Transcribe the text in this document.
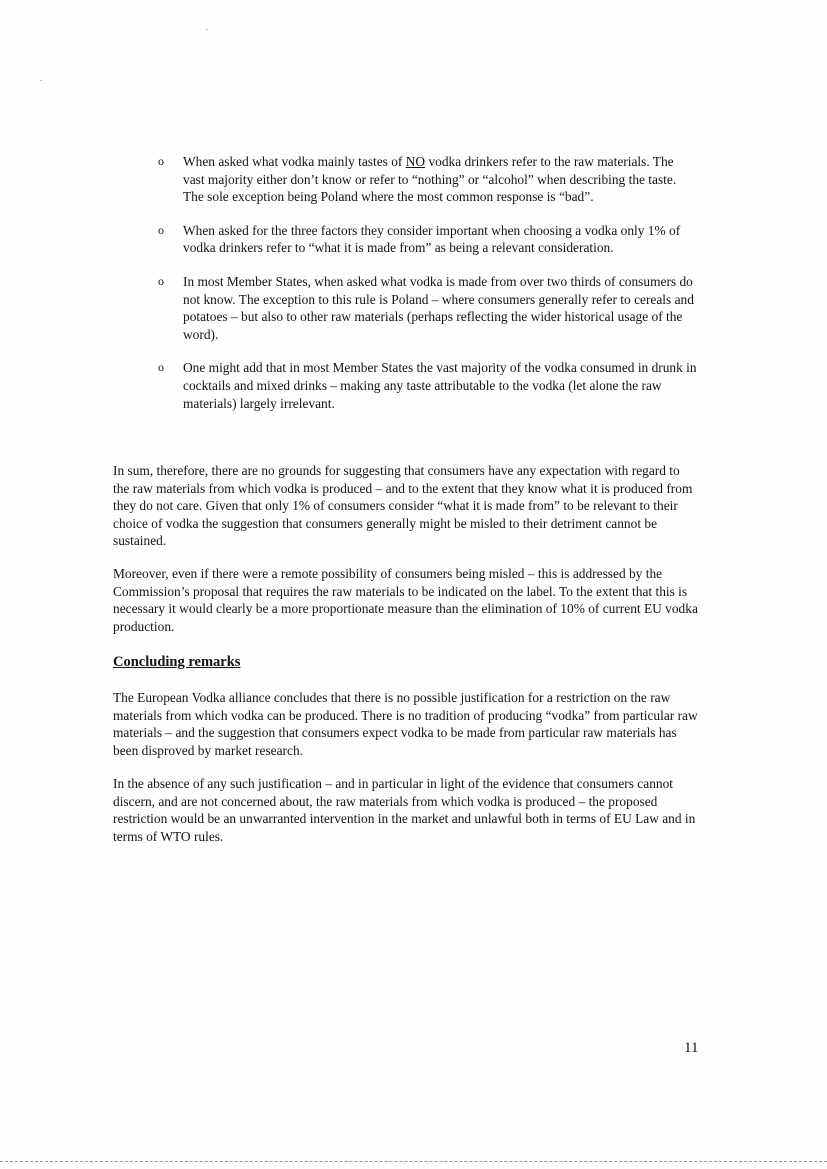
o When asked what vodka mainly tastes of NO vodka drinkers refer to the raw materials. The vast majority either don’t know or refer to “nothing” or “alcohol” when describing the taste. The sole exception being Poland where the most common response is “bad”.
o When asked for the three factors they consider important when choosing a vodka only 1% of vodka drinkers refer to “what it is made from” as being a relevant consideration.
o In most Member States, when asked what vodka is made from over two thirds of consumers do not know. The exception to this rule is Poland – where consumers generally refer to cereals and potatoes – but also to other raw materials (perhaps reflecting the wider historical usage of the word).
o One might add that in most Member States the vast majority of the vodka consumed in drunk in cocktails and mixed drinks – making any taste attributable to the vodka (let alone the raw materials) largely irrelevant.

In sum, therefore, there are no grounds for suggesting that consumers have any expectation with regard to the raw materials from which vodka is produced – and to the extent that they know what it is produced from they do not care. Given that only 1% of consumers consider “what it is made from” to be relevant to their choice of vodka the suggestion that consumers generally might be misled to their detriment cannot be sustained.

Moreover, even if there were a remote possibility of consumers being misled – this is addressed by the Commission’s proposal that requires the raw materials to be indicated on the label. To the extent that this is necessary it would clearly be a more proportionate measure than the elimination of 10% of current EU vodka production.

Concluding remarks

The European Vodka alliance concludes that there is no possible justification for a restriction on the raw materials from which vodka can be produced. There is no tradition of producing “vodka” from particular raw materials – and the suggestion that consumers expect vodka to be made from particular raw materials has been disproved by market research.

In the absence of any such justification – and in particular in light of the evidence that consumers cannot discern, and are not concerned about, the raw materials from which vodka is produced – the proposed restriction would be an unwarranted intervention in the market and unlawful both in terms of EU Law and in terms of WTO rules.

11
